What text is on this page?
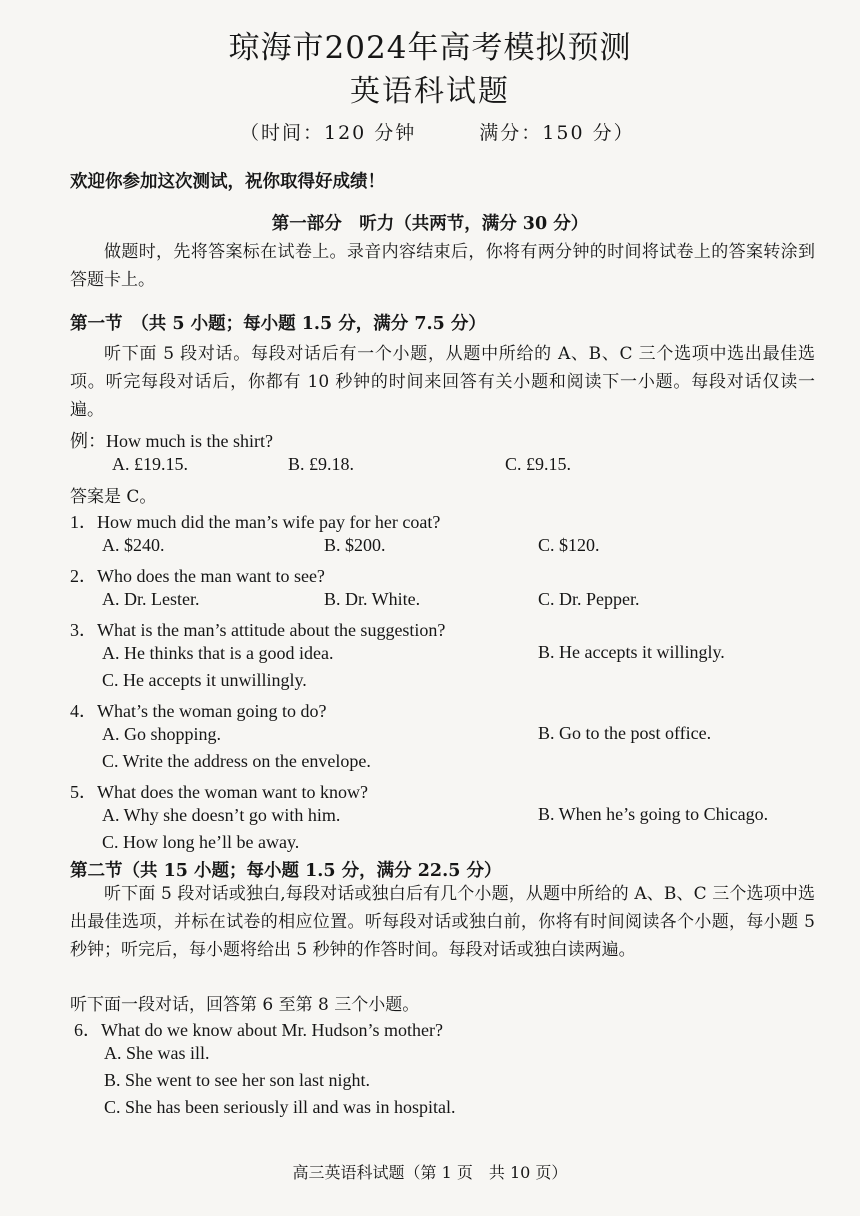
琼海市2024年高考模拟预测
英语科试题
（时间：120 分钟　　　满分：150 分）
欢迎你参加这次测试，祝你取得好成绩！
第一部分　听力（共两节，满分 30 分）
做题时，先将答案标在试卷上。录音内容结束后，你将有两分钟的时间将试卷上的答案转涂到答题卡上。
第一节　（共 5 小题；每小题 1.5 分，满分 7.5 分）
听下面 5 段对话。每段对话后有一个小题，从题中所给的 A、B、C 三个选项中选出最佳选项。听完每段对话后，你都有 10 秒钟的时间来回答有关小题和阅读下一小题。每段对话仅读一遍。
例：How much is the shirt?
A. £19.15.	B. £9.18.	C. £9.15.
答案是 C。
1．How much did the man’s wife pay for her coat?
A. $240.	B. $200.	C. $120.
2．Who does the man want to see?
A. Dr. Lester.	B. Dr. White.	C. Dr. Pepper.
3．What is the man’s attitude about the suggestion?
A. He thinks that is a good idea.	B. He accepts it willingly.
C. He accepts it unwillingly.
4．What’s the woman going to do?
A. Go shopping.	B. Go to the post office.
C. Write the address on the envelope.
5．What does the woman want to know?
A. Why she doesn’t go with him.	B. When he’s going to Chicago.
C. How long he’ll be away.
第二节（共 15 小题；每小题 1.5 分，满分 22.5 分）
听下面 5 段对话或独白,每段对话或独白后有几个小题，从题中所给的 A、B、C 三个选项中选出最佳选项，并标在试卷的相应位置。听每段对话或独白前，你将有时间阅读各个小题，每小题 5 秒钟；听完后，每小题将给出 5 秒钟的作答时间。每段对话或独白读两遍。
听下面一段对话，回答第 6 至第 8 三个小题。
6．What do we know about Mr. Hudson’s mother?
A. She was ill.
B. She went to see her son last night.
C. She has been seriously ill and was in hospital.
高三英语科试题（第 1 页　共 10 页）
